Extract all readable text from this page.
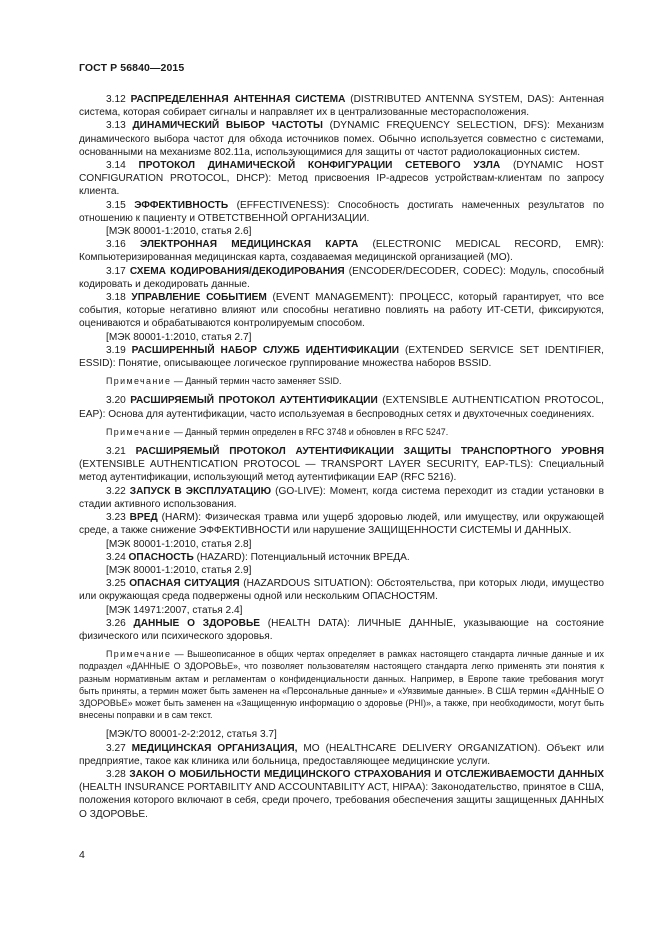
ГОСТ Р 56840—2015

3.12 РАСПРЕДЕЛЕННАЯ АНТЕННАЯ СИСТЕМА (DISTRIBUTED ANTENNA SYSTEM, DAS): Антенная система, которая собирает сигналы и направляет их в централизованные месторасположения.

3.13 ДИНАМИЧЕСКИЙ ВЫБОР ЧАСТОТЫ (DYNAMIC FREQUENCY SELECTION, DFS): Механизм динамического выбора частот для обхода источников помех. Обычно используется совместно с системами, основанными на механизме 802.11a, использующимися для защиты от частот радиолокационных систем.

3.14 ПРОТОКОЛ ДИНАМИЧЕСКОЙ КОНФИГУРАЦИИ СЕТЕВОГО УЗЛА (DYNAMIC HOST CONFIGURATION PROTOCOL, DHCP): Метод присвоения IP-адресов устройствам-клиентам по запросу клиента.

3.15 ЭФФЕКТИВНОСТЬ (EFFECTIVENESS): Способность достигать намеченных результатов по отношению к пациенту и ОТВЕТСТВЕННОЙ ОРГАНИЗАЦИИ.

[МЭК 80001-1:2010, статья 2.6]

3.16 ЭЛЕКТРОННАЯ МЕДИЦИНСКАЯ КАРТА (ELECTRONIC MEDICAL RECORD, EMR): Компьютеризированная медицинская карта, создаваемая медицинской организацией (МО).

3.17 СХЕМА КОДИРОВАНИЯ/ДЕКОДИРОВАНИЯ (ENCODER/DECODER, CODEC): Модуль, способный кодировать и декодировать данные.

3.18 УПРАВЛЕНИЕ СОБЫТИЕМ (EVENT MANAGEMENT): ПРОЦЕСС, который гарантирует, что все события, которые негативно влияют или способны негативно повлиять на работу ИТ-СЕТИ, фиксируются, оцениваются и обрабатываются контролируемым способом.

[МЭК 80001-1:2010, статья 2.7]

3.19 РАСШИРЕННЫЙ НАБОР СЛУЖБ ИДЕНТИФИКАЦИИ (EXTENDED SERVICE SET IDENTIFIER, ESSID): Понятие, описывающее логическое группирование множества наборов BSSID.

Примечание — Данный термин часто заменяет SSID.

3.20 РАСШИРЯЕМЫЙ ПРОТОКОЛ АУТЕНТИФИКАЦИИ (EXTENSIBLE AUTHENTICATION PROTOCOL, EAP): Основа для аутентификации, часто используемая в беспроводных сетях и двухточечных соединениях.

Примечание — Данный термин определен в RFC 3748 и обновлен в RFC 5247.

3.21 РАСШИРЯЕМЫЙ ПРОТОКОЛ АУТЕНТИФИКАЦИИ ЗАЩИТЫ ТРАНСПОРТНОГО УРОВНЯ (EXTENSIBLE AUTHENTICATION PROTOCOL — TRANSPORT LAYER SECURITY, EAP-TLS): Специальный метод аутентификации, использующий метод аутентификации EAP (RFC 5216).

3.22 ЗАПУСК В ЭКСПЛУАТАЦИЮ (GO-LIVE): Момент, когда система переходит из стадии установки в стадии активного использования.

3.23 ВРЕД (HARM): Физическая травма или ущерб здоровью людей, или имуществу, или окружающей среде, а также снижение ЭФФЕКТИВНОСТИ или нарушение ЗАЩИЩЕННОСТИ СИСТЕМЫ И ДАННЫХ.

[МЭК 80001-1:2010, статья 2.8]

3.24 ОПАСНОСТЬ (HAZARD): Потенциальный источник ВРЕДА.

[МЭК 80001-1:2010, статья 2.9]

3.25 ОПАСНАЯ СИТУАЦИЯ (HAZARDOUS SITUATION): Обстоятельства, при которых люди, имущество или окружающая среда подвержены одной или нескольким ОПАСНОСТЯМ.

[МЭК 14971:2007, статья 2.4]

3.26 ДАННЫЕ О ЗДОРОВЬЕ (HEALTH DATA): ЛИЧНЫЕ ДАННЫЕ, указывающие на состояние физического или психического здоровья.

Примечание — Вышеописанное в общих чертах определяет в рамках настоящего стандарта личные данные и их подраздел «ДАННЫЕ О ЗДОРОВЬЕ», что позволяет пользователям настоящего стандарта легко применять эти понятия к разным нормативным актам и регламентам о конфиденциальности данных. Например, в Европе такие требования могут быть приняты, а термин может быть заменен на «Персональные данные» и «Уязвимые данные». В США термин «ДАННЫЕ О ЗДОРОВЬЕ» может быть заменен на «Защищенную информацию о здоровье (PHI)», а также, при необходимости, могут быть внесены поправки и в сам текст.

[МЭК/ТО 80001-2-2:2012, статья 3.7]

3.27 МЕДИЦИНСКАЯ ОРГАНИЗАЦИЯ, МО (HEALTHCARE DELIVERY ORGANIZATION). Объект или предприятие, такое как клиника или больница, предоставляющее медицинские услуги.

3.28 ЗАКОН О МОБИЛЬНОСТИ МЕДИЦИНСКОГО СТРАХОВАНИЯ И ОТСЛЕЖИВАЕМОСТИ ДАННЫХ (HEALTH INSURANCE PORTABILITY AND ACCOUNTABILITY ACT, HIPAA): Законодательство, принятое в США, положения которого включают в себя, среди прочего, требования обеспечения защиты защищенных ДАННЫХ О ЗДОРОВЬЕ.

4
